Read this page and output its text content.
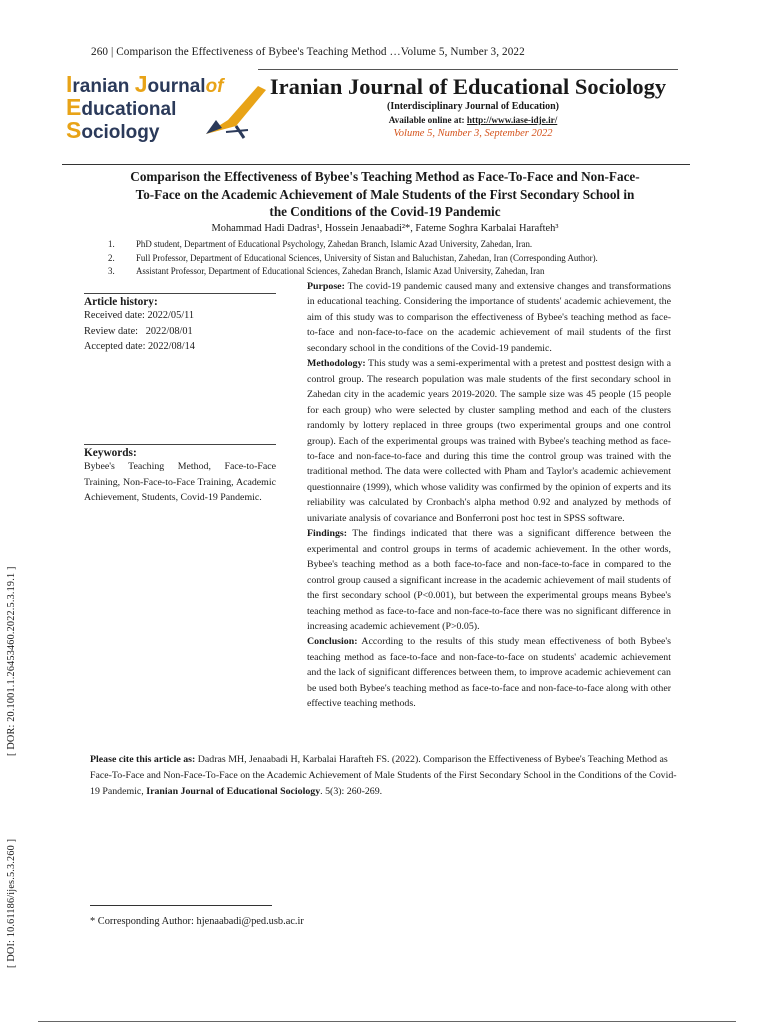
260 | Comparison the Effectiveness of Bybee's Teaching Method …Volume 5, Number 3, 2022
Iranian Journalof
Educational
Sociology
Iranian Journal of Educational Sociology
(Interdisciplinary Journal of Education)
Available online at: http://www.iase-idje.ir/
Volume 5, Number 3, September 2022
Comparison the Effectiveness of Bybee's Teaching Method as Face-To-Face and Non-Face-
To-Face on the Academic Achievement of Male Students of the First Secondary School in
the Conditions of the Covid-19 Pandemic
Mohammad Hadi Dadras¹, Hossein Jenaabadi²*, Fateme Soghra Karbalai Harafteh³
1.	PhD student, Department of Educational Psychology, Zahedan Branch, Islamic Azad University, Zahedan, Iran.
2.	Full Professor, Department of Educational Sciences, University of Sistan and Baluchistan, Zahedan, Iran (Corresponding Author).
3.	Assistant Professor, Department of Educational Sciences, Zahedan Branch, Islamic Azad University, Zahedan, Iran
Article history:
Received date: 2022/05/11
Review date:   2022/08/01
Accepted date: 2022/08/14
Keywords:
Bybee's Teaching Method, Face-to-Face Training, Non-Face-to-Face Training, Academic Achievement, Students, Covid-19 Pandemic.
Purpose: The covid-19 pandemic caused many and extensive changes and transformations in educational teaching. Considering the importance of students' academic achievement, the aim of this study was to comparison the effectiveness of Bybee's teaching method as face-to-face and non-face-to-face on the academic achievement of mail students of the first secondary school in the conditions of the Covid-19 pandemic.
Methodology: This study was a semi-experimental with a pretest and posttest design with a control group. The research population was male students of the first secondary school in Zahedan city in the academic years 2019-2020. The sample size was 45 people (15 people for each group) who were selected by cluster sampling method and each of the clusters randomly by lottery replaced in three groups (two experimental groups and one control group). Each of the experimental groups was trained with Bybee's teaching method as face-to-face and non-face-to-face and during this time the control group was trained with the traditional method. The data were collected with Pham and Taylor's academic achievement questionnaire (1999), which whose validity was confirmed by the opinion of experts and its reliability was calculated by Cronbach's alpha method 0.92 and analyzed by methods of univariate analysis of covariance and Bonferroni post hoc test in SPSS software.
Findings: The findings indicated that there was a significant difference between the experimental and control groups in terms of academic achievement. In the other words, Bybee's teaching method as a both face-to-face and non-face-to-face in compared to the control group caused a significant increase in the academic achievement of mail students of the first secondary school (P<0.001), but between the experimental groups means Bybee's teaching method as face-to-face and non-face-to-face there was no significant difference in increasing academic achievement (P>0.05).
Conclusion: According to the results of this study mean effectiveness of both Bybee's teaching method as face-to-face and non-face-to-face on students' academic achievement and the lack of significant differences between them, to improve academic achievement can be used both Bybee's teaching method as face-to-face and non-face-to-face along with other effective teaching methods.
Please cite this article as: Dadras MH, Jenaabadi H, Karbalai Harafteh FS. (2022). Comparison the Effectiveness of Bybee's Teaching Method as Face-To-Face and Non-Face-To-Face on the Academic Achievement of Male Students of the First Secondary School in the Conditions of the Covid-19 Pandemic, Iranian Journal of Educational Sociology. 5(3): 260-269.
[ DOR: 20.1001.1.26453460.2022.5.3.19.1 ]
[ DOI: 10.61186/ijes.5.3.260 ]	* Corresponding Author: hjenaabadi@ped.usb.ac.ir
